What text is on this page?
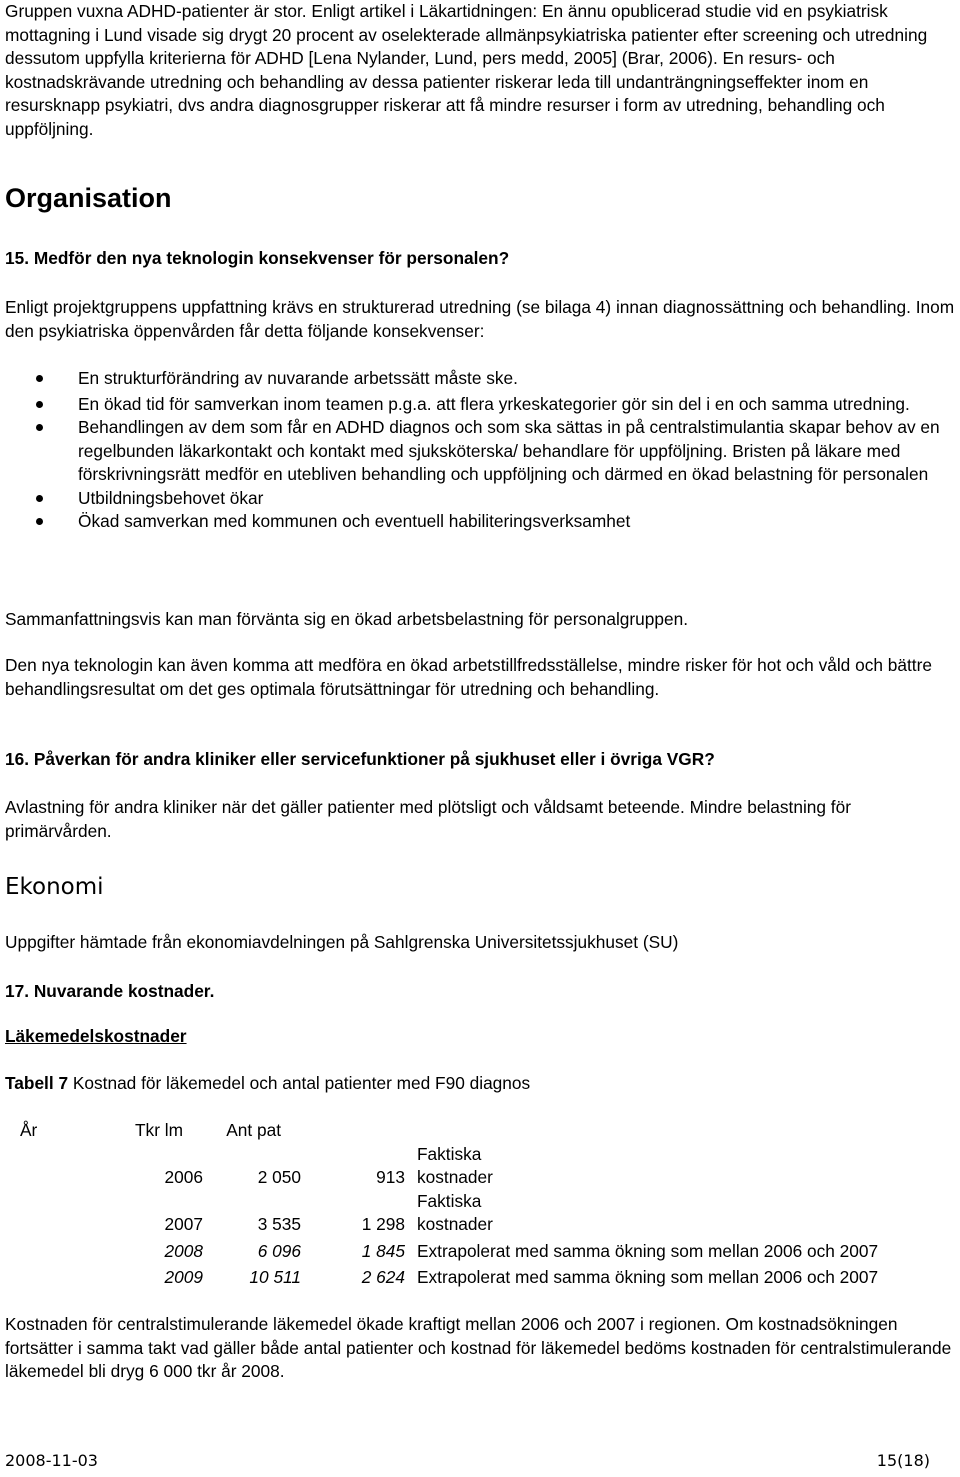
Gruppen vuxna ADHD-patienter är stor. Enligt artikel i Läkartidningen: En ännu opublicerad studie vid en psykiatrisk mottagning i Lund visade sig drygt 20 procent av oselekterade allmänpsykiatriska patienter efter screening och utredning dessutom uppfylla kriterierna för ADHD [Lena Nylander, Lund, pers medd, 2005] (Brar, 2006). En resurs- och kostnadskrävande utredning och behandling av dessa patienter riskerar leda till undanträngningseffekter inom en resursknapp psykiatri, dvs andra diagnosgrupper riskerar att få mindre resurser i form av utredning, behandling och uppföljning.

Organisation

15. Medför den nya teknologin konsekvenser för personalen?

Enligt projektgruppens uppfattning krävs en strukturerad utredning (se bilaga 4) innan diagnossättning och behandling. Inom den psykiatriska öppenvården får detta följande konsekvenser:

En strukturförändring av nuvarande arbetssätt måste ske.
En ökad tid för samverkan inom teamen p.g.a. att flera yrkeskategorier gör sin del i en och samma utredning.
Behandlingen av dem som får en ADHD diagnos och som ska sättas in på centralstimulantia skapar behov av en regelbunden läkarkontakt och kontakt med sjuksköterska/ behandlare för uppföljning. Bristen på läkare med förskrivningsrätt medför en utebliven behandling och uppföljning och därmed en ökad belastning för personalen
Utbildningsbehovet ökar
Ökad samverkan med kommunen och eventuell habiliteringsverksamhet

Sammanfattningsvis kan man förvänta sig en ökad arbetsbelastning för personalgruppen.

Den nya teknologin kan även komma att medföra en ökad arbetstillfredsställelse, mindre risker för hot och våld och bättre behandlingsresultat om det ges optimala förutsättningar för utredning och behandling.

16. Påverkan för andra kliniker eller servicefunktioner på sjukhuset eller i övriga VGR?

Avlastning för andra kliniker när det gäller patienter med plötsligt och våldsamt beteende. Mindre belastning för primärvården.

Ekonomi

Uppgifter hämtade från ekonomiavdelningen på Sahlgrenska Universitetssjukhuset (SU)

17. Nuvarande kostnader.

Läkemedelskostnader

Tabell 7 Kostnad för läkemedel och antal patienter med F90 diagnos

År	Tkr lm	Ant pat		
				Faktiska
	2006	2 050	913	kostnader
				Faktiska
	2007	3 535	1 298	kostnader
	2008	6 096	1 845	Extrapolerat med samma ökning som mellan 2006 och 2007
	2009	10 511	2 624	Extrapolerat med samma ökning som mellan 2006 och 2007

Kostnaden för centralstimulerande läkemedel ökade kraftigt mellan 2006 och 2007 i regionen. Om kostnadsökningen fortsätter i samma takt vad gäller både antal patienter och kostnad för läkemedel bedöms kostnaden för centralstimulerande läkemedel bli dryg 6 000 tkr år 2008.

2008-11-03	15(18)
